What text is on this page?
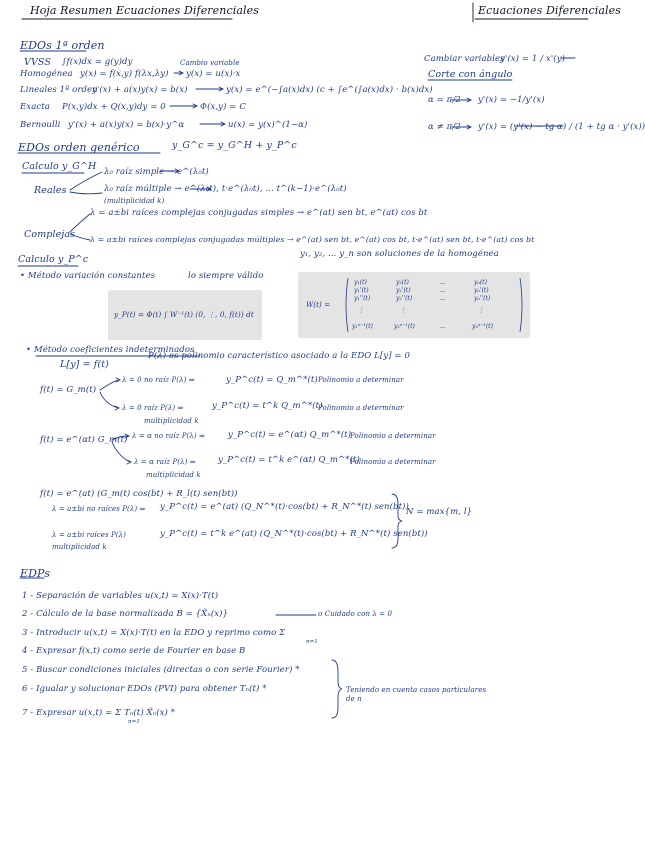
Hoja Resumen Ecuaciones Diferenciales	Ecuaciones Diferenciales
EDOs 1ª orden
VVSS ∫f(x)dx = g(y)dy
Homogénea y(x) = f(x,y) f(λx,λy)
Cambio variable
y(x) = u(x)·x
Lineales 1ª orden
y'(x) + a(x)y(x) = b(x)	y(x) = e^(−∫a(x)dx) (c + ∫e^(∫a(x)dx) · b(x)dx)
Exacta P(x,y)dx + Q(x,y)dy = 0	Φ(x,y) = C
Bernoulli y'(x) + a(x)y(x) = b(x)·y^α	u(x) = y(x)^(1−α)
Cambiar variables
y'(x) = 1 / x'(y)
Corte con ángulo
α = π/2 y'(x) = −1/y'(x)
α ≠ π/2 y'(x) = (y'(x) − tg α) / (1 + tg α · y'(x))
EDOs orden genérico	y_G^c = y_G^H + y_P^c
Calculo y_G^H
Reales
λ₀ raíz simple → e^(λ₀t)
λ₀ raíz múltiple → e^(λ₀t), t·e^(λ₀t), ... t^(k−1)·e^(λ₀t)
(multiplicidad k)
Complejas
λ = a±bi raíces complejas conjugadas simples → e^(at) sen bt, e^(at) cos bt
λ = a±bi raíces complejas conjugadas múltiples → e^(at) sen bt, e^(at) cos bt, t·e^(at) sen bt, t·e^(at) cos bt
Calculo y_P^c	y₁, y₂, ... y_n son soluciones de la homogénea
• Método variación constantes	lo siempre válido
y_P(t) = Φ(t) ∫ W⁻¹(t) (0, ⋮, 0, f(t)) dt
W(t) =
y₁(t)	y₂(t)	...	yₙ(t)
y₁'(t)	y₂'(t)	...	yₙ'(t)
y₁''(t)	y₂''(t)	...	yₙ''(t)
⋮	⋮	⋮
y₁ⁿ⁻¹(t)	y₂ⁿ⁻¹(t)	...	yₙⁿ⁻¹(t)
• Método coeficientes indeterminados
L[y] = f(t)
P(λ) es polinomio característico asociado a la EDO L[y] = 0
f(t) = G_m(t)
λ = 0 no raíz P(λ) ⇒	y_P^c(t) = Q_m^*(t) Polinomio a determinar
λ = 0 raíz P(λ) ⇒	y_P^c(t) = t^k Q_m^*(t)
Polinomio a determinar
multiplicidad k
f(t) = e^(αt) G_m(t) λ = α no raíz P(λ) ⇒	y_P^c(t) = e^(αt) Q_m^*(t)
Polinomio a determinar
λ = α raíz P(λ) ⇒	y_P^c(t) = t^k e^(αt) Q_m^*(t)
Polinomio a determinar
multiplicidad k
f(t) = e^(at) (G_m(t) cos(bt) + R_l(t) sen(bt))
λ = a±bi no raíces P(λ) ⇒ y_P^c(t) = e^(at) (Q_N^*(t)·cos(bt) + R_N^*(t) sen(bt))
λ = a±bi raíces P(λ)	y_P^c(t) = t^k e^(at) (Q_N^*(t)·cos(bt) + R_N^*(t) sen(bt))
multiplicidad k
N = max{m, l}
EDPs
1 - Separación de variables u(x,t) = X(x)·T(t)
2 - Cálculo de la base normalizada B = {X̃ₙ(x)}	o Cuidado con λ = 0
3 - Introducir u(x,t) = X(x)·T(t) en la EDO y reprimo como Σ
n=1
4 - Expresar f(x,t) como serie de Fourier en base B
5 - Buscar condiciones iniciales (directas o con serie Fourier) *
6 - Igualar y solucionar EDOs (PVI) para obtener Tₙ(t) *
7 - Expresar u(x,t) = Σ Tₙ(t) X̃ₙ(x) *
n=1
Teniendo en cuenta casos particulares de n
